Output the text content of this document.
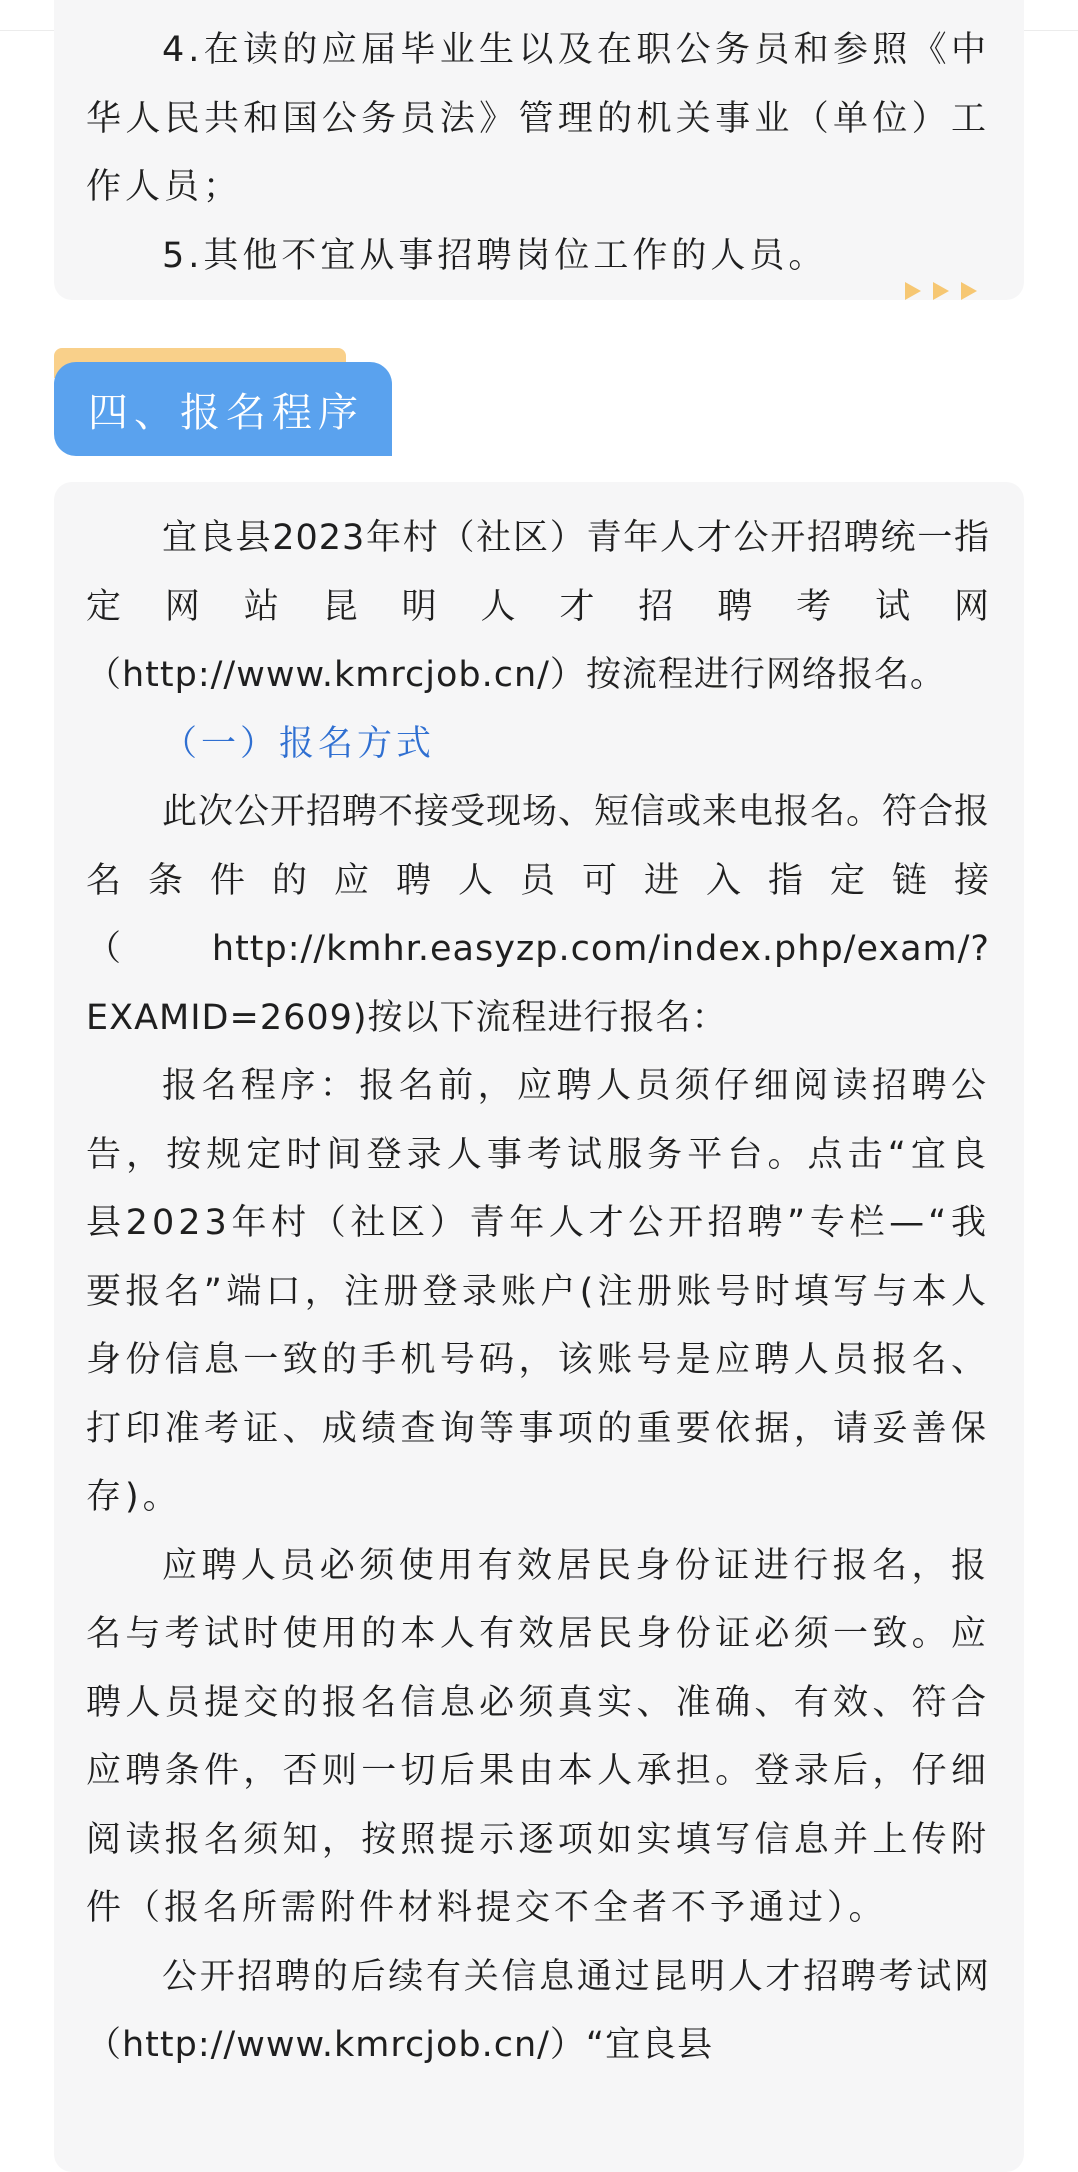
4.在读的应届毕业生以及在职公务员和参照《中华人民共和国公务员法》管理的机关事业（单位）工作人员；

5.其他不宜从事招聘岗位工作的人员。

四、报名程序

宜良县2023年村（社区）青年人才公开招聘统一指定网站昆明人才招聘考试网（http://www.kmrcjob.cn/）按流程进行网络报名。

（一）报名方式

此次公开招聘不接受现场、短信或来电报名。符合报名条件的应聘人员可进入指定链接（http://kmhr.easyzp.com/index.php/exam/?EXAMID=2609)按以下流程进行报名：

报名程序：报名前，应聘人员须仔细阅读招聘公告，按规定时间登录人事考试服务平台。点击“宜良县2023年村（社区）青年人才公开招聘”专栏—“我要报名”端口，注册登录账户(注册账号时填写与本人身份信息一致的手机号码，该账号是应聘人员报名、打印准考证、成绩查询等事项的重要依据，请妥善保存)。

应聘人员必须使用有效居民身份证进行报名，报名与考试时使用的本人有效居民身份证必须一致。应聘人员提交的报名信息必须真实、准确、有效、符合应聘条件，否则一切后果由本人承担。登录后，仔细阅读报名须知，按照提示逐项如实填写信息并上传附件（报名所需附件材料提交不全者不予通过）。

公开招聘的后续有关信息通过昆明人才招聘考试网（http://www.kmrcjob.cn/）“宜良县
